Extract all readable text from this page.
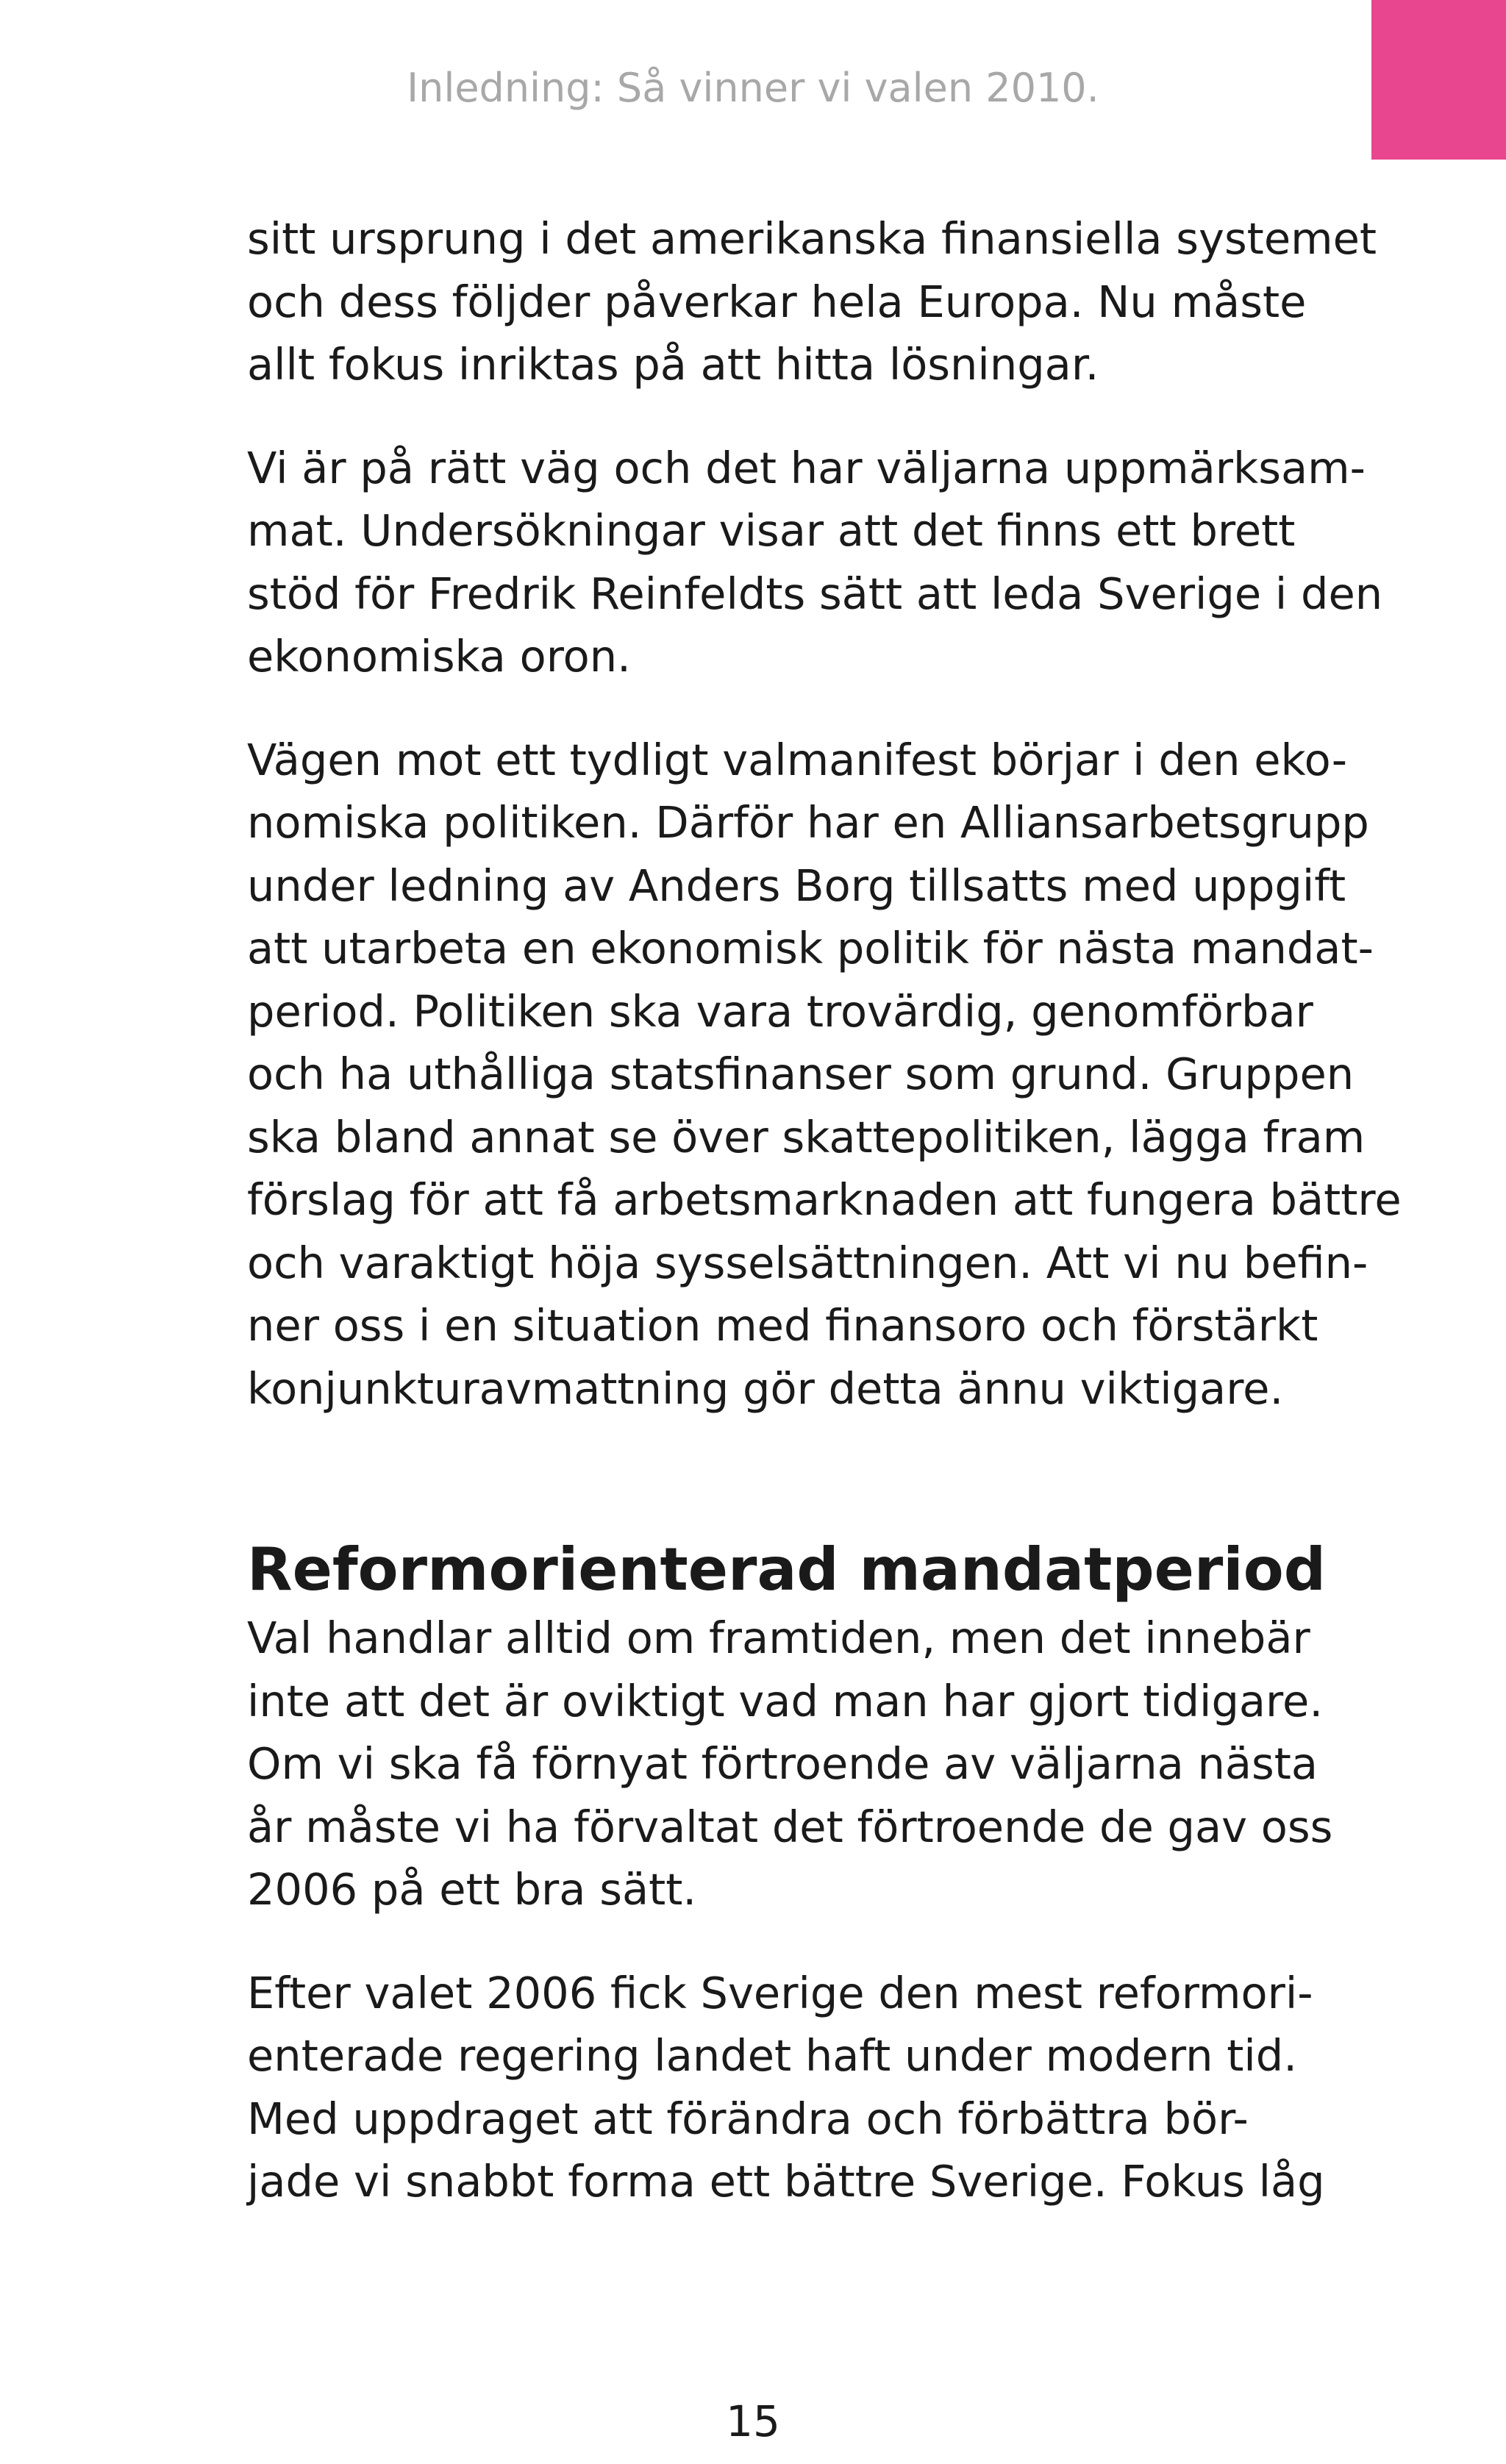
Inledning: Så vinner vi valen 2010.

sitt ursprung i det amerikanska finansiella systemet
och dess följder påverkar hela Europa. Nu måste
allt fokus inriktas på att hitta lösningar.

Vi är på rätt väg och det har väljarna uppmärksam-
mat. Undersökningar visar att det finns ett brett
stöd för Fredrik Reinfeldts sätt att leda Sverige i den
ekonomiska oron.

Vägen mot ett tydligt valmanifest börjar i den eko-
nomiska politiken. Därför har en Alliansarbetsgrupp
under ledning av Anders Borg tillsatts med uppgift
att utarbeta en ekonomisk politik för nästa mandat-
period. Politiken ska vara trovärdig, genomförbar
och ha uthålliga statsfinanser som grund. Gruppen
ska bland annat se över skattepolitiken, lägga fram
förslag för att få arbetsmarknaden att fungera bättre
och varaktigt höja sysselsättningen. Att vi nu befin-
ner oss i en situation med finansoro och förstärkt
konjunkturavmattning gör detta ännu viktigare.

Reformorienterad mandatperiod

Val handlar alltid om framtiden, men det innebär
inte att det är oviktigt vad man har gjort tidigare.
Om vi ska få förnyat förtroende av väljarna nästa
år måste vi ha förvaltat det förtroende de gav oss
2006 på ett bra sätt.

Efter valet 2006 fick Sverige den mest reformori-
enterade regering landet haft under modern tid.
Med uppdraget att förändra och förbättra bör-
jade vi snabbt forma ett bättre Sverige. Fokus låg

15
